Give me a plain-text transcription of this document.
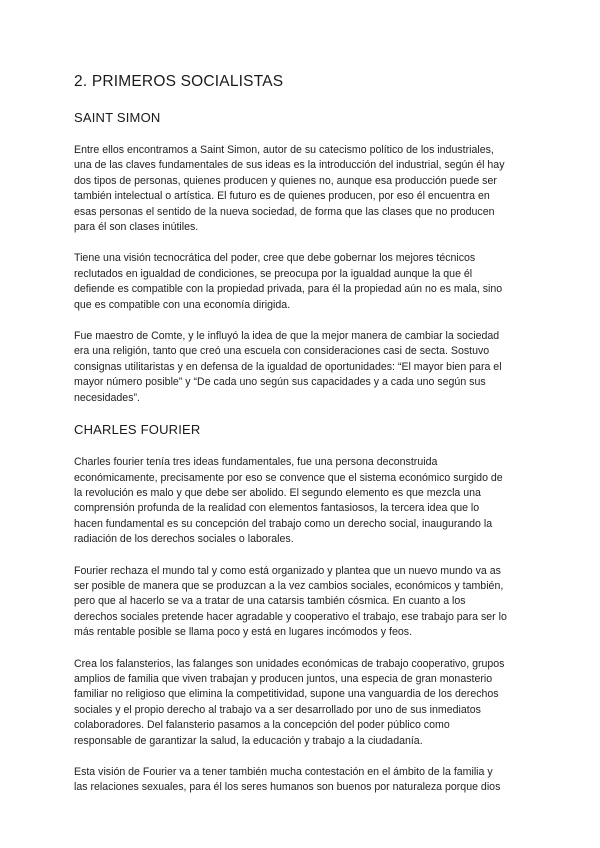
2. PRIMEROS SOCIALISTAS
SAINT SIMON

Entre ellos encontramos a Saint Simon, autor de su catecismo político de los industriales,
una de las claves fundamentales de sus ideas es la introducción del industrial, según él hay
dos tipos de personas, quienes producen y quienes no, aunque esa producción puede ser
también intelectual o artística. El futuro es de quienes producen, por eso él encuentra en
esas personas el sentido de la nueva sociedad, de forma que las clases que no producen
para él son clases inútiles.

Tiene una visión tecnocrática del poder, cree que debe gobernar los mejores técnicos
reclutados en igualdad de condiciones, se preocupa por la igualdad aunque la que él
defiende es compatible con la propiedad privada, para él la propiedad aún no es mala, sino
que es compatible con una economía dirigida.

Fue maestro de Comte, y le influyó la idea de que la mejor manera de cambiar la sociedad
era una religión, tanto que creó una escuela con consideraciones casi de secta. Sostuvo
consignas utilitaristas y en defensa de la igualdad de oportunidades: “El mayor bien para el
mayor número posible” y “De cada uno según sus capacidades y a cada uno según sus
necesidades”.

CHARLES FOURIER

Charles fourier tenía tres ideas fundamentales, fue una persona deconstruida
económicamente, precisamente por eso se convence que el sistema económico surgido de
la revolución es malo y que debe ser abolido. El segundo elemento es que mezcla una
comprensión profunda de la realidad con elementos fantasiosos, la tercera idea que lo
hacen fundamental es su concepción del trabajo como un derecho social, inaugurando la
radiación de los derechos sociales o laborales.

Fourier rechaza el mundo tal y como está organizado y plantea que un nuevo mundo va as
ser posible de manera que se produzcan a la vez cambios sociales, económicos y también,
pero que al hacerlo se va a tratar de una catarsis también cósmica. En cuanto a los
derechos sociales pretende hacer agradable y cooperativo el trabajo, ese trabajo para ser lo
más rentable posible se llama poco y está en lugares incómodos y feos.

Crea los falansterios, las falanges son unidades económicas de trabajo cooperativo, grupos
amplios de familia que viven trabajan y producen juntos, una especia de gran monasterio
familiar no religioso que elimina la competitividad, supone una vanguardia de los derechos
sociales y el propio derecho al trabajo va a ser desarrollado por uno de sus inmediatos
colaboradores. Del falansterio pasamos a la concepción del poder público como
responsable de garantizar la salud, la educación y trabajo a la ciudadanía.

Esta visión de Fourier va a tener también mucha contestación en el ámbito de la familia y
las relaciones sexuales, para él los seres humanos son buenos por naturaleza porque dios
